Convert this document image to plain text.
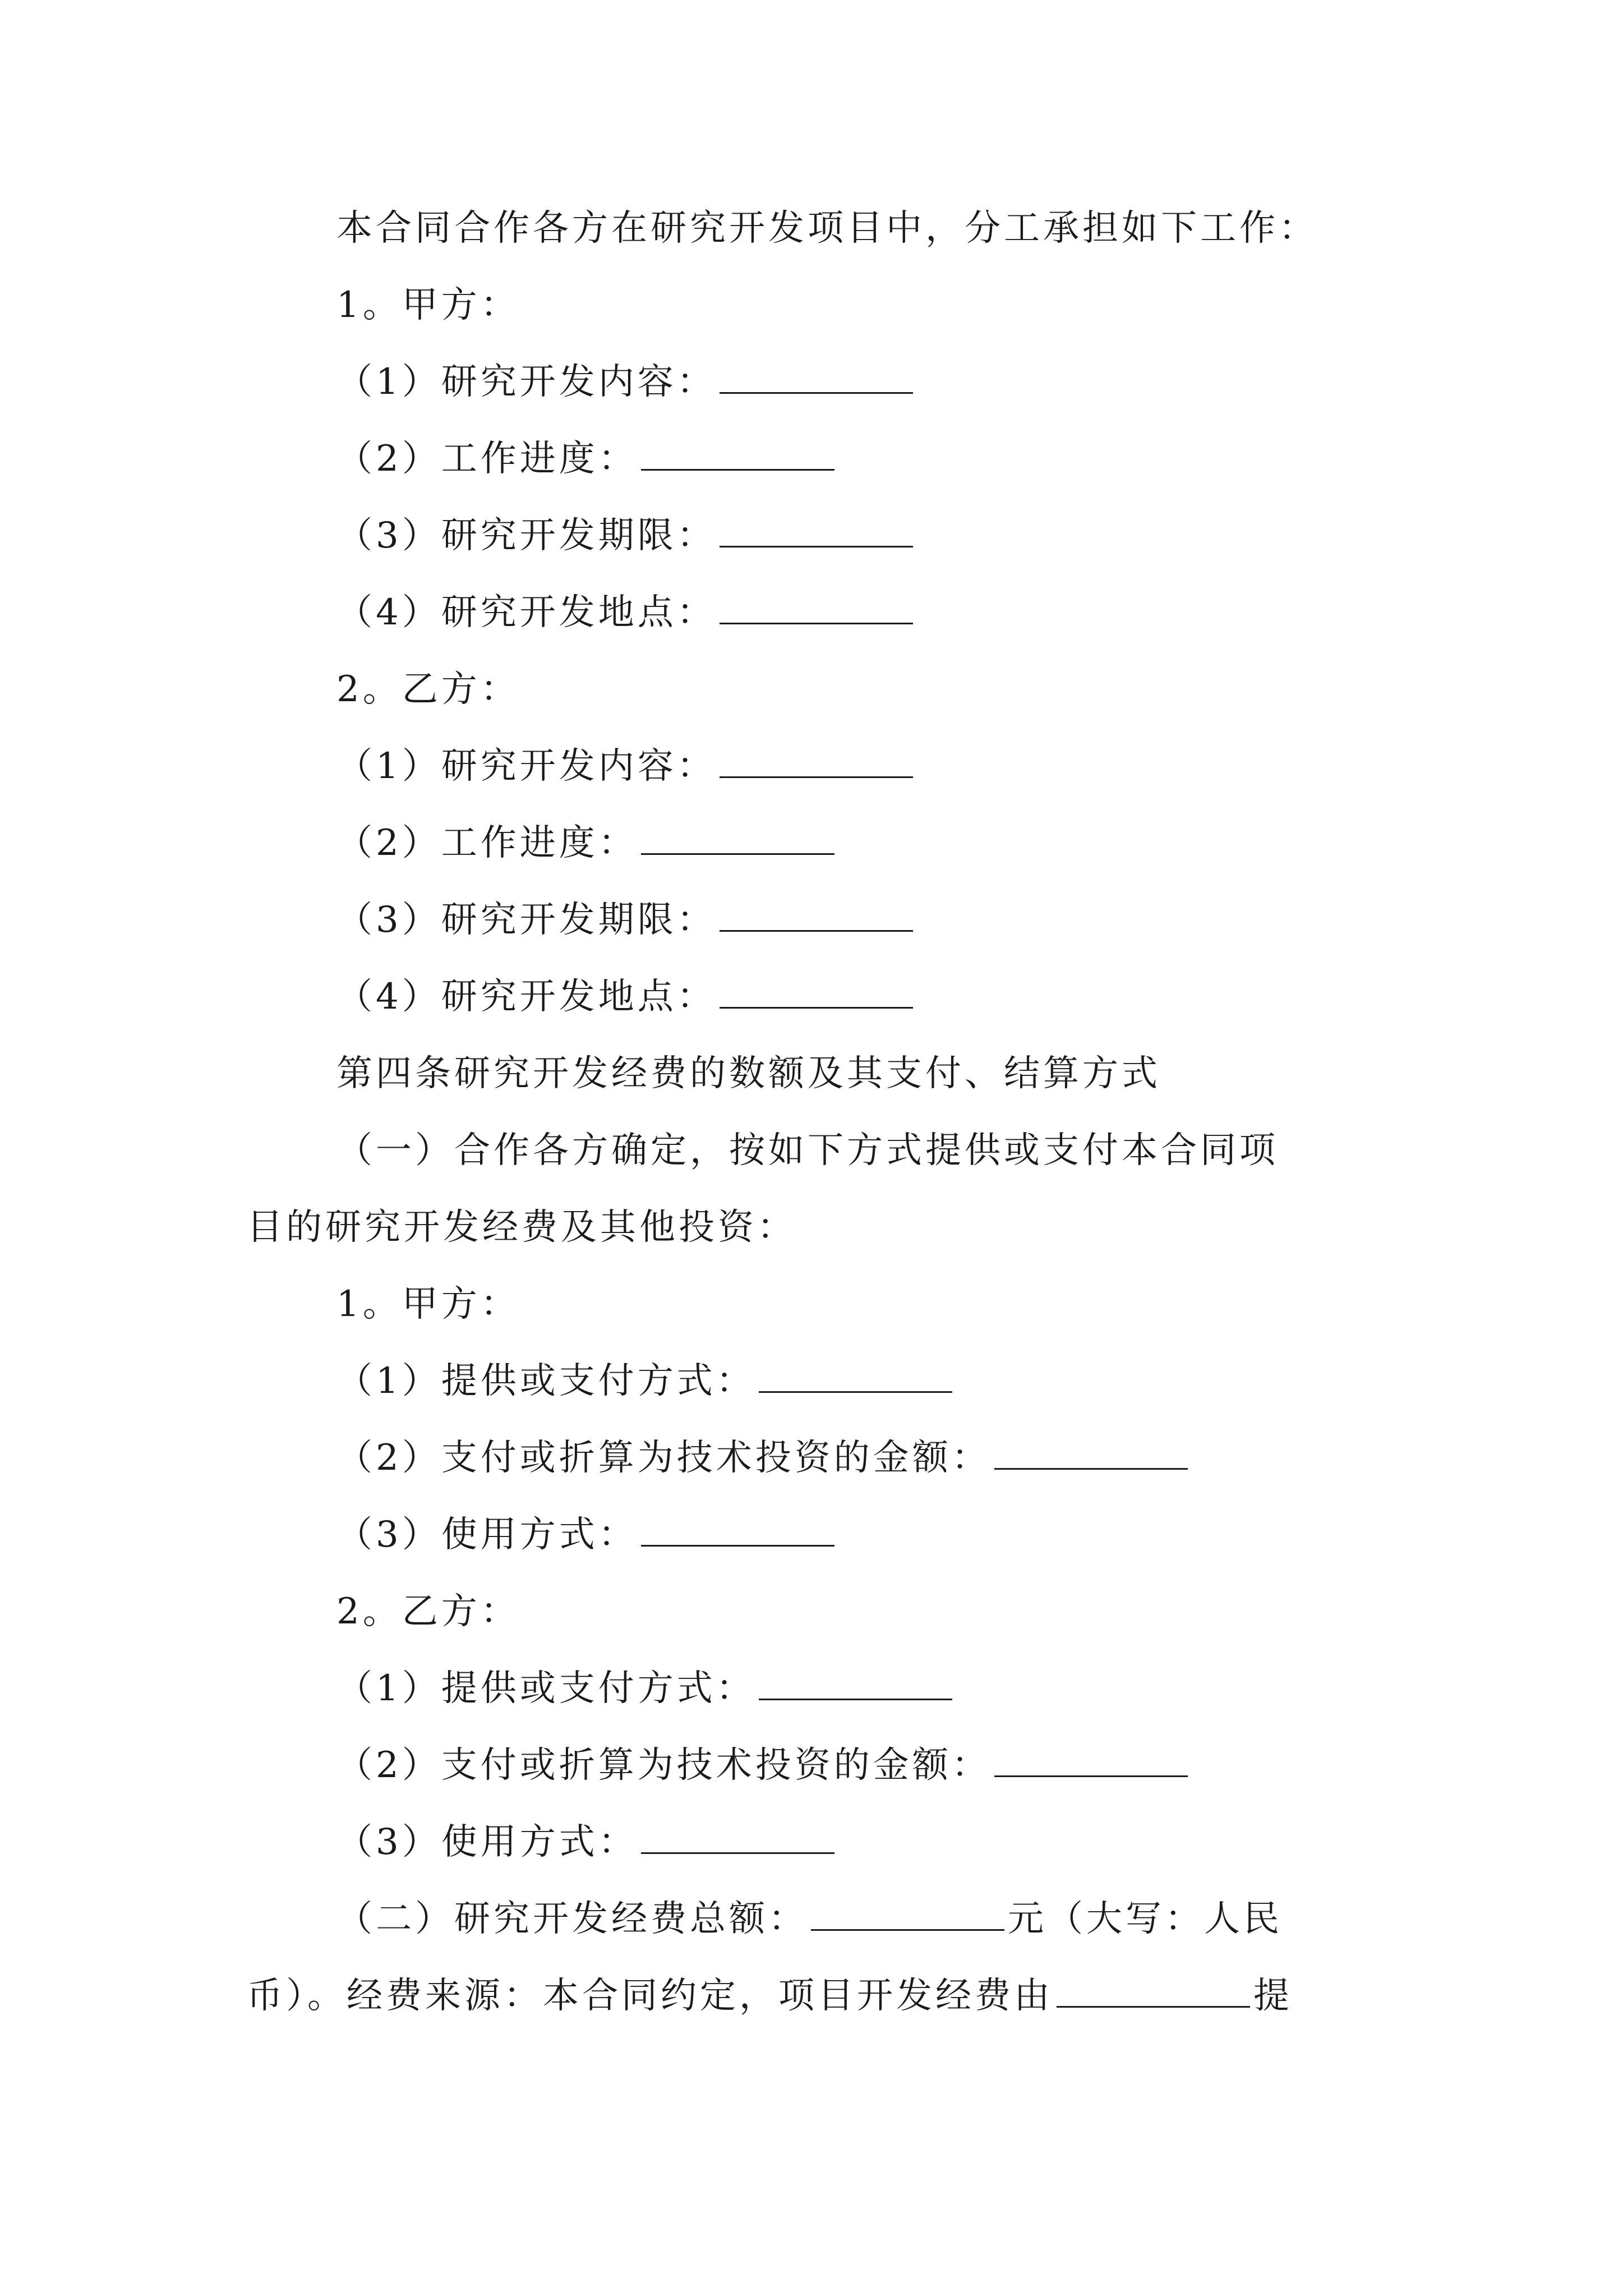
本合同合作各方在研究开发项目中，分工承担如下工作：
1。甲方：
（1）研究开发内容：
（2）工作进度：
（3）研究开发期限：
（4）研究开发地点：
2。乙方：
（1）研究开发内容：
（2）工作进度：
（3）研究开发期限：
（4）研究开发地点：
第四条研究开发经费的数额及其支付、结算方式
（一）合作各方确定，按如下方式提供或支付本合同项
目的研究开发经费及其他投资：
1。甲方：
（1）提供或支付方式：
（2）支付或折算为技术投资的金额：
（3）使用方式：
2。乙方：
（1）提供或支付方式：
（2）支付或折算为技术投资的金额：
（3）使用方式：
（二）研究开发经费总额：	元（大写：人民
币）。经费来源：本合同约定，项目开发经费由	提
